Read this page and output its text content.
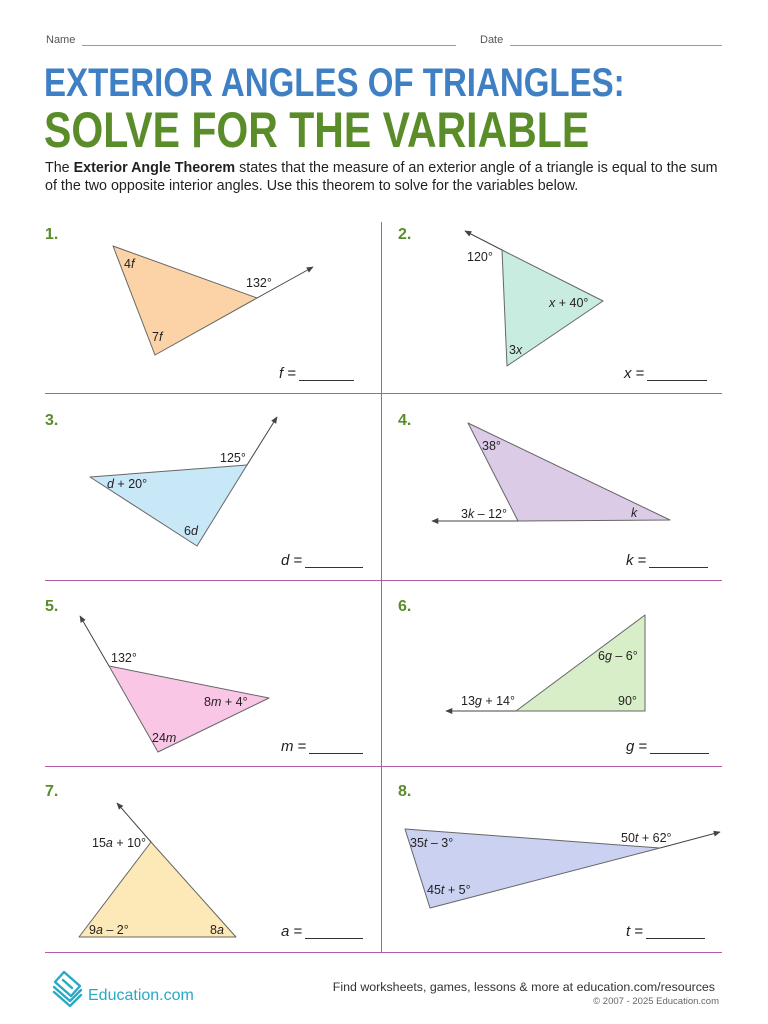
Name	Date
EXTERIOR ANGLES OF TRIANGLES:
SOLVE FOR THE VARIABLE

The Exterior Angle Theorem states that the measure of an exterior angle of a triangle is equal to the sum of the two opposite interior angles. Use this theorem to solve for the variables below.

1.
132°
4f
7f
f =
2.
120°
x + 40°
3x
x =
3.
125°
d + 20°
6d
d =
4.
3k – 12°
38°
k
k =
5.
132°
8m + 4°
24m	m =
6.
13g + 14°
6g – 6°
90°
g =
7.
15a + 10°
9a – 2°	8a	a =
8.
50t + 62°
35t – 3°
45t + 5°
t =
Education.com	Find worksheets, games, lessons & more at education.com/resources
© 2007 - 2025 Education.com
